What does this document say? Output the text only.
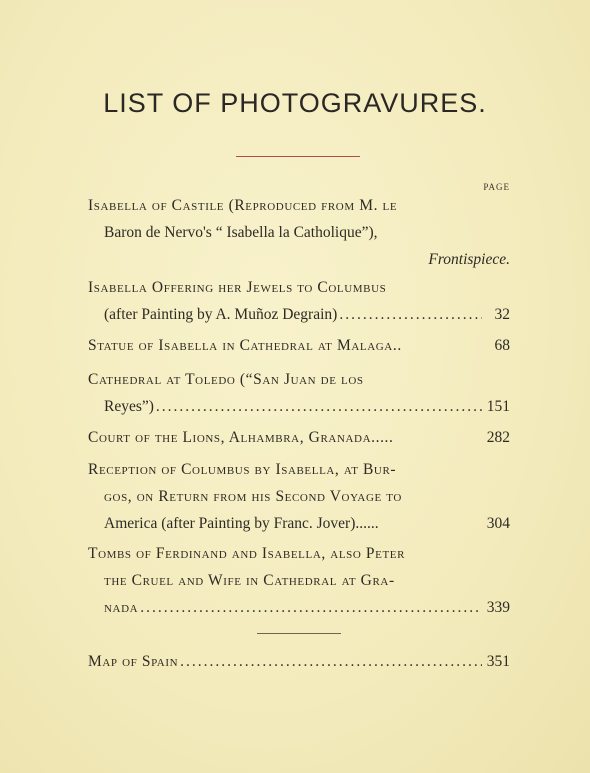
LIST OF PHOTOGRAVURES.
PAGE
Isabella of Castile (Reproduced from M. le
Baron de Nervo's “ Isabella la Catholique”),
Frontispiece.
Isabella Offering her Jewels to Columbus
(after Painting by A. Muñoz Degrain) .....	32
Statue of Isabella in Cathedral at Malaga..	68
Cathedral at Toledo (“San Juan de los
Reyes”) .....	151
Court of the Lions, Alhambra, Granada.....	282
Reception of Columbus by Isabella, at Bur-
gos, on Return from his Second Voyage to
America (after Painting by Franc. Jover)......	304
Tombs of Ferdinand and Isabella, also Peter
the Cruel and Wife in Cathedral at Gra-
nada .....	339
Map of Spain .....	351
